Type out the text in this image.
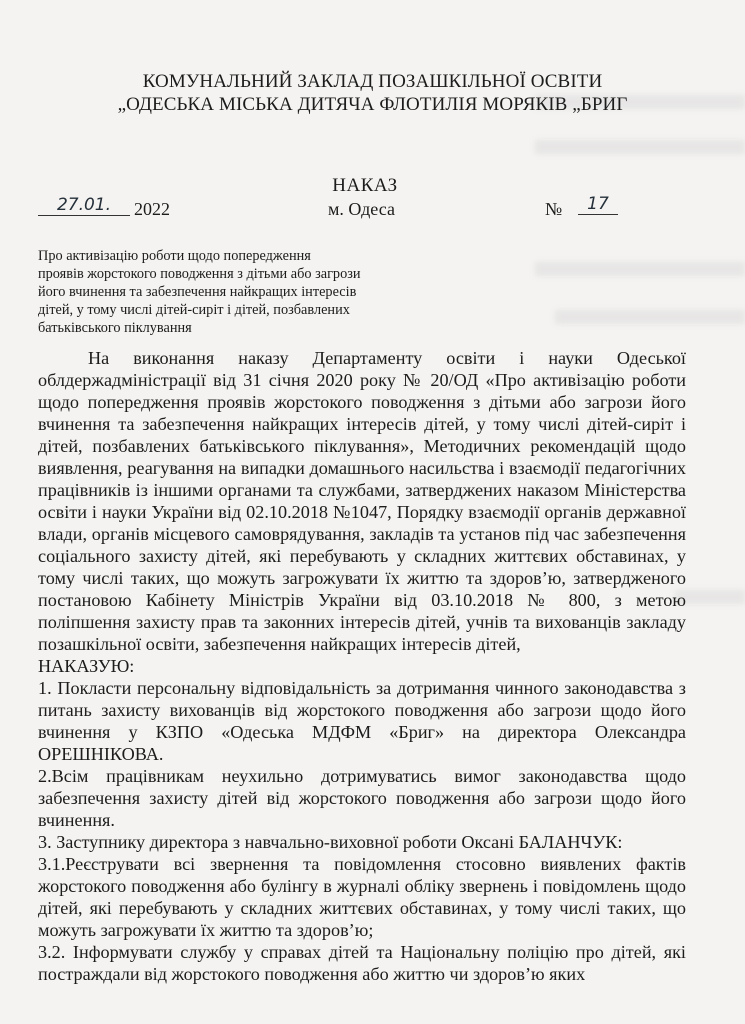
КОМУНАЛЬНИЙ ЗАКЛАД ПОЗАШКІЛЬНОЇ ОСВІТИ
„ОДЕСЬКА МІСЬКА ДИТЯЧА ФЛОТИЛІЯ МОРЯКІВ „БРИГ
НАКАЗ
27.01.	2022	м. Одеса	№	17
Про активізацію роботи щодо попередження
проявів жорстокого поводження з дітьми або загрози
його вчинення та забезпечення найкращих інтересів
дітей, у тому числі дітей-сиріт і дітей, позбавлених
батьківського піклування

На виконання наказу Департаменту освіти і науки Одеської облдержадміністрації від 31 січня 2020 року № 20/ОД «Про активізацію роботи щодо попередження проявів жорстокого поводження з дітьми або загрози його вчинення та забезпечення найкращих інтересів дітей, у тому числі дітей-сиріт і дітей, позбавлених батьківського піклування», Методичних рекомендацій щодо виявлення, реагування на випадки домашнього насильства і взаємодії педагогічних працівників із іншими органами та службами, затверджених наказом Міністерства освіти і науки України від 02.10.2018 №1047, Порядку взаємодії органів державної влади, органів місцевого самоврядування, закладів та установ під час забезпечення соціального захисту дітей, які перебувають у складних життєвих обставинах, у тому числі таких, що можуть загрожувати їх життю та здоров’ю, затвердженого постановою Кабінету Міністрів України від 03.10.2018 № 800, з метою поліпшення захисту прав та законних інтересів дітей, учнів та вихованців закладу позашкільної освіти, забезпечення найкращих інтересів дітей,

НАКАЗУЮ:

1. Покласти персональну відповідальність за дотримання чинного законодавства з питань захисту вихованців від жорстокого поводження або загрози щодо його вчинення у КЗПО «Одеська МДФМ «Бриг» на директора Олександра ОРЕШНІКОВА.

2.Всім працівникам неухильно дотримуватись вимог законодавства щодо забезпечення захисту дітей від жорстокого поводження або загрози щодо його вчинення.

3. Заступнику директора з навчально-виховної роботи Оксані БАЛАНЧУК:

3.1.Реєструвати всі звернення та повідомлення стосовно виявлених фактів жорстокого поводження або булінгу в журналі обліку звернень і повідомлень щодо дітей, які перебувають у складних життєвих обставинах, у тому числі таких, що можуть загрожувати їх життю та здоров’ю;

3.2. Інформувати службу у справах дітей та Національну поліцію про дітей, які постраждали від жорстокого поводження або життю чи здоров’ю яких
